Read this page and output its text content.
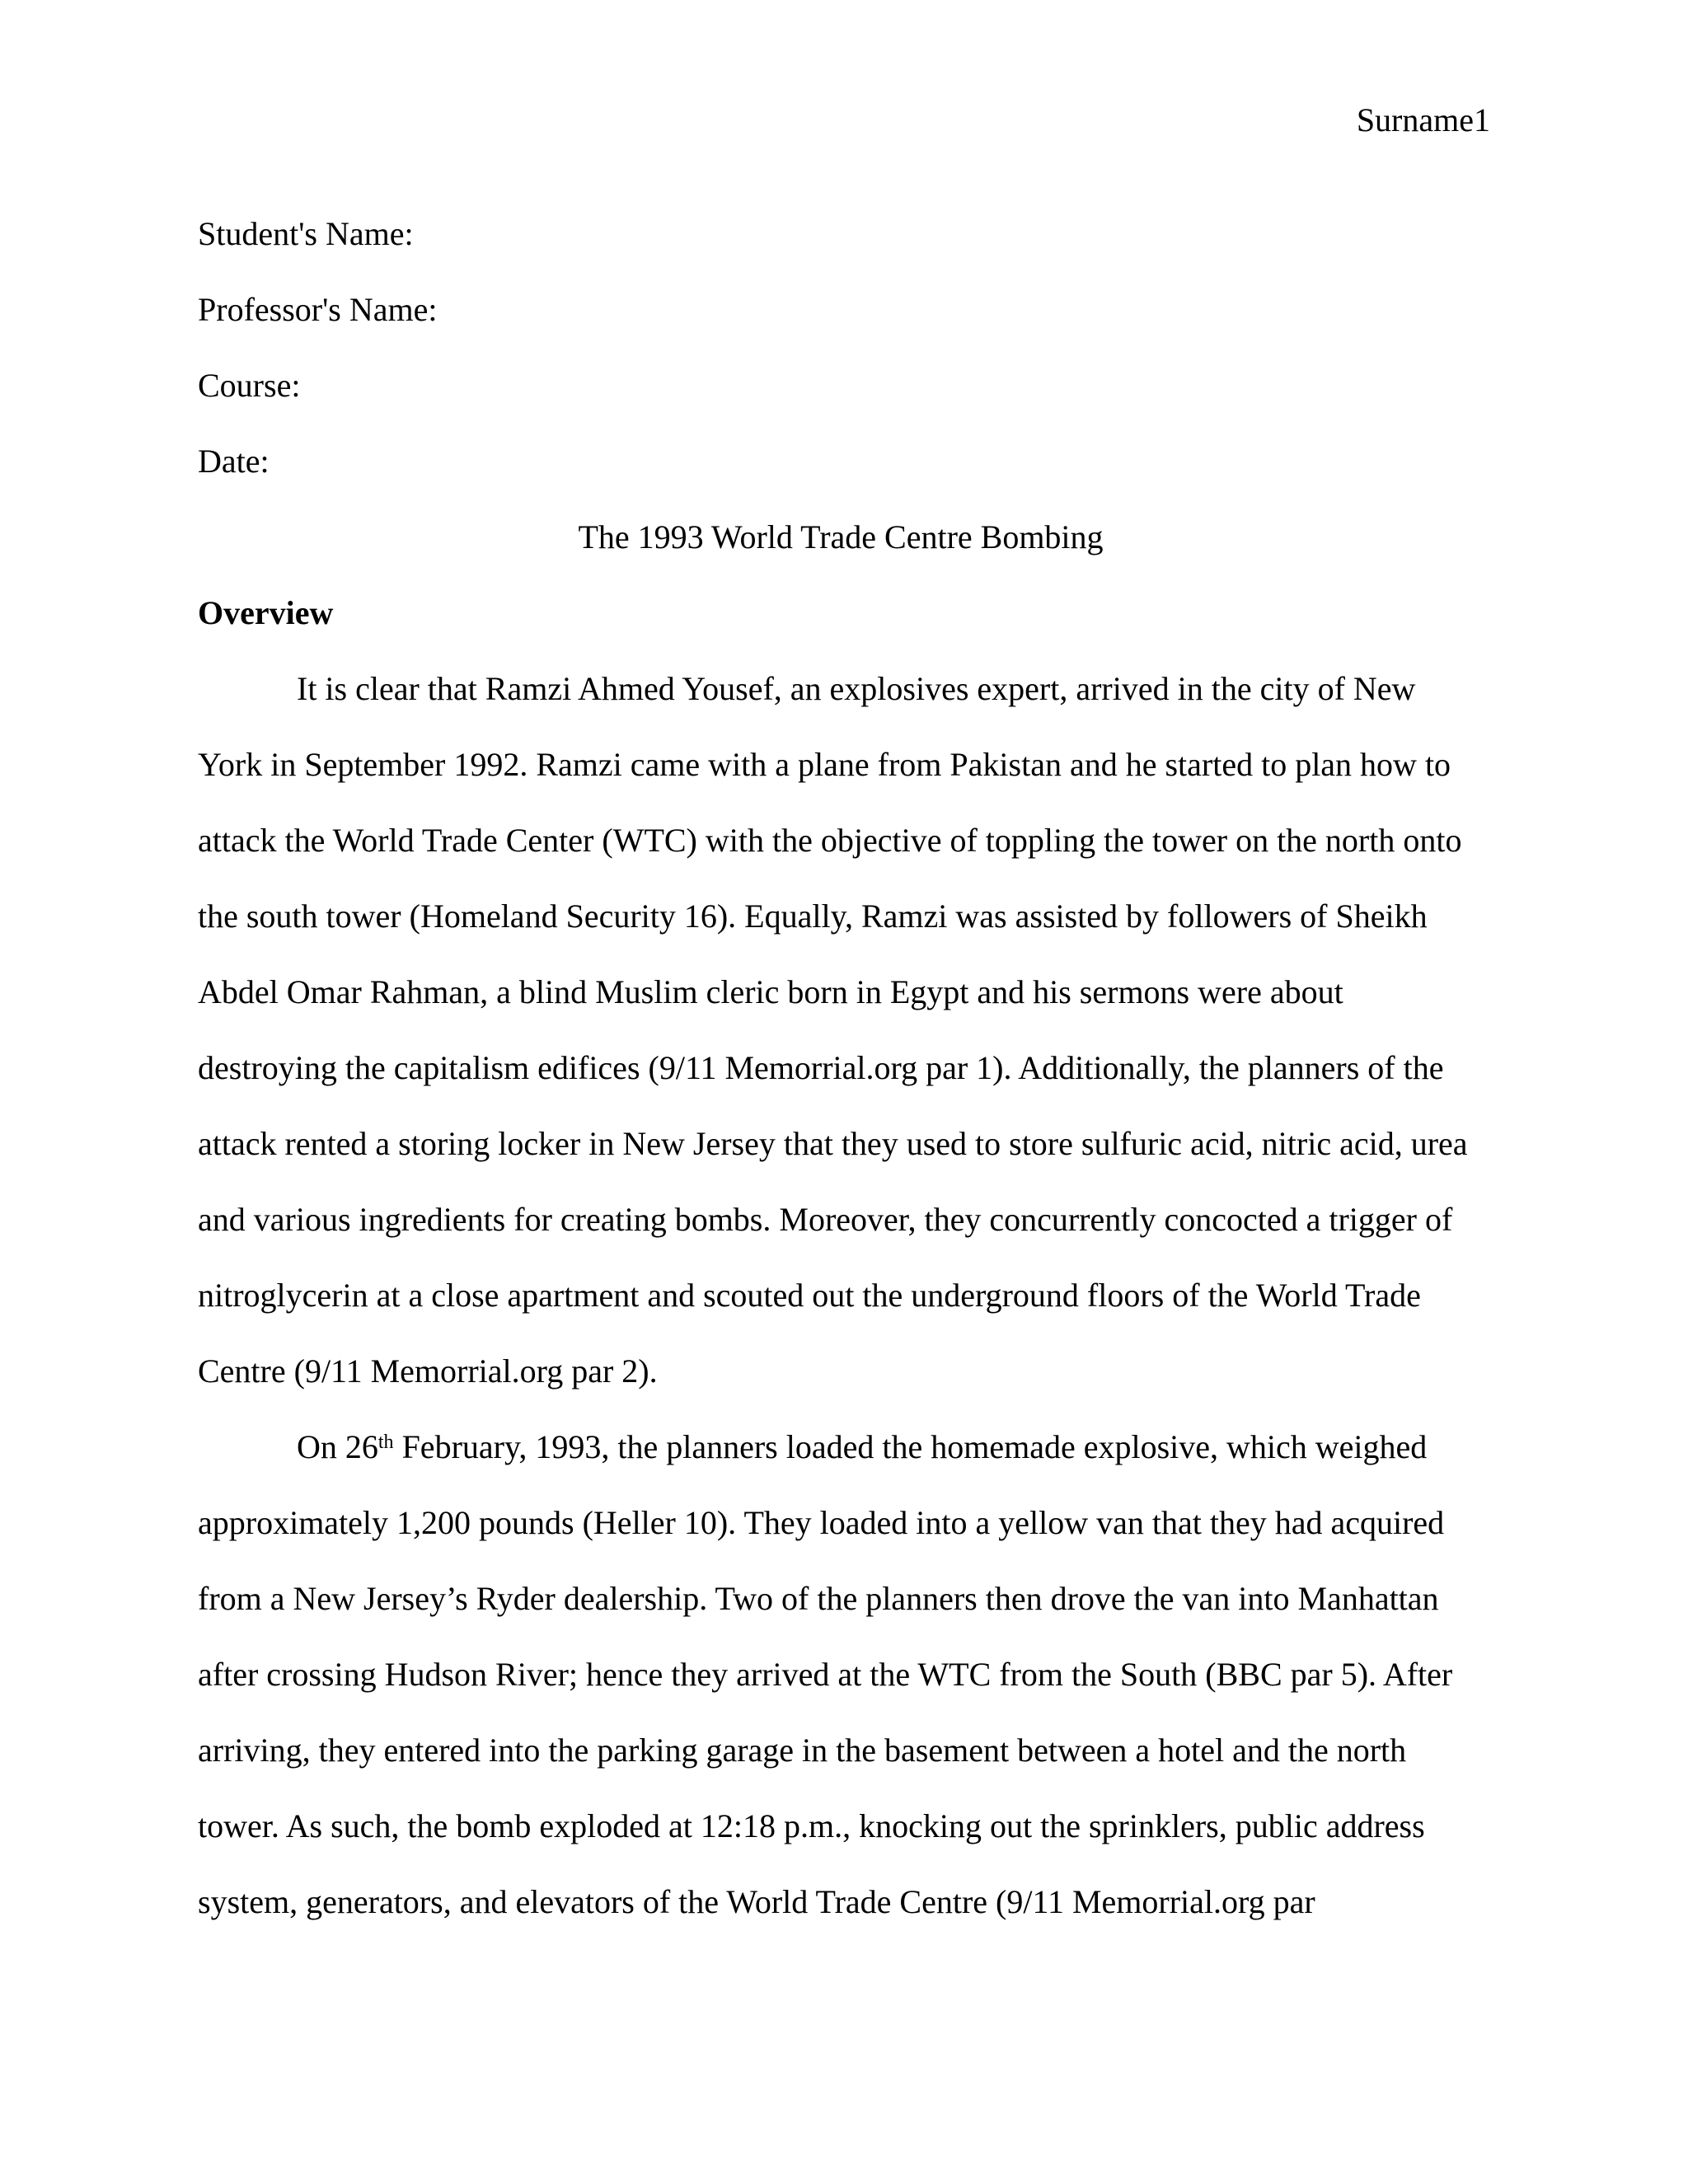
Surname1

Student's Name:

Professor's Name:

Course:

Date:

The 1993 World Trade Centre Bombing

Overview

It is clear that Ramzi Ahmed Yousef, an explosives expert, arrived in the city of New York in September 1992. Ramzi came with a plane from Pakistan and he started to plan how to attack the World Trade Center (WTC) with the objective of toppling the tower on the north onto the south tower (Homeland Security 16). Equally, Ramzi was assisted by followers of Sheikh Abdel Omar Rahman, a blind Muslim cleric born in Egypt and his sermons were about destroying the capitalism edifices (9/11 Memorrial.org par 1). Additionally, the planners of the attack rented a storing locker in New Jersey that they used to store sulfuric acid, nitric acid, urea and various ingredients for creating bombs. Moreover, they concurrently concocted a trigger of nitroglycerin at a close apartment and scouted out the underground floors of the World Trade Centre (9/11 Memorrial.org par 2).

On 26th February, 1993, the planners loaded the homemade explosive, which weighed approximately 1,200 pounds (Heller 10). They loaded into a yellow van that they had acquired from a New Jersey’s Ryder dealership. Two of the planners then drove the van into Manhattan after crossing Hudson River; hence they arrived at the WTC from the South (BBC par 5). After arriving, they entered into the parking garage in the basement between a hotel and the north tower. As such, the bomb exploded at 12:18 p.m., knocking out the sprinklers, public address system, generators, and elevators of the World Trade Centre (9/11 Memorrial.org par
